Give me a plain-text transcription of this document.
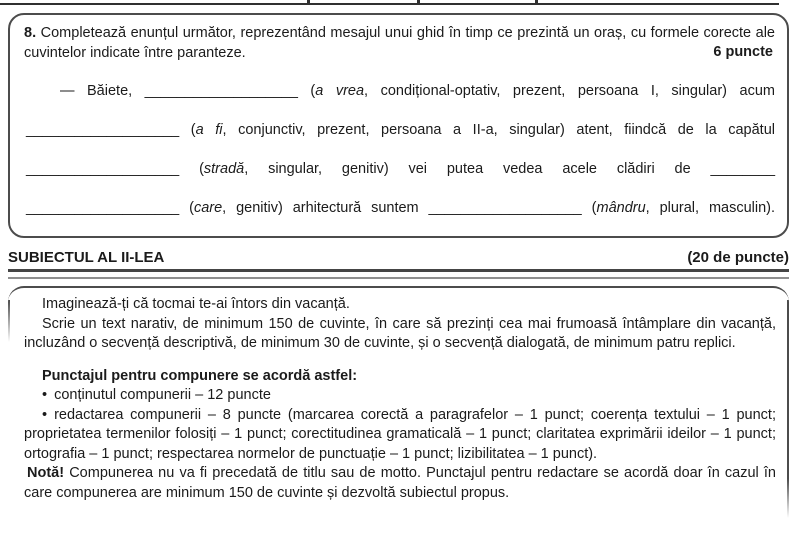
8. Completează enunțul următor, reprezentând mesajul unui ghid în timp ce prezintă un oraș, cu formele corecte ale cuvintelor indicate între paranteze.	6 puncte
— Băiete, ___________________ (a vrea, condițional-optativ, prezent, persoana I, singular) acum
___________________ (a fi, conjunctiv, prezent, persoana a II-a, singular) atent, fiindcă de la capătul
___________________ (stradă, singular, genitiv) vei putea vedea acele clădiri de ________
___________________ (care, genitiv) arhitectură suntem ___________________ (mândru, plural, masculin).
SUBIECTUL AL II-LEA	(20 de puncte)

Imaginează-ți că tocmai te-ai întors din vacanță.

Scrie un text narativ, de minimum 150 de cuvinte, în care să prezinți cea mai frumoasă întâmplare din vacanță, incluzând o secvență descriptivă, de minimum 30 de cuvinte, și o secvență dialogată, de minimum patru replici.

Punctajul pentru compunere se acordă astfel:

• conținutul compunerii – 12 puncte

• redactarea compunerii – 8 puncte (marcarea corectă a paragrafelor – 1 punct; coerența textului – 1 punct; proprietatea termenilor folosiți – 1 punct; corectitudinea gramaticală – 1 punct; claritatea exprimării ideilor – 1 punct; ortografia – 1 punct; respectarea normelor de punctuație – 1 punct; lizibilitatea – 1 punct).

Notă! Compunerea nu va fi precedată de titlu sau de motto. Punctajul pentru redactare se acordă doar în cazul în care compunerea are minimum 150 de cuvinte și dezvoltă subiectul propus.
